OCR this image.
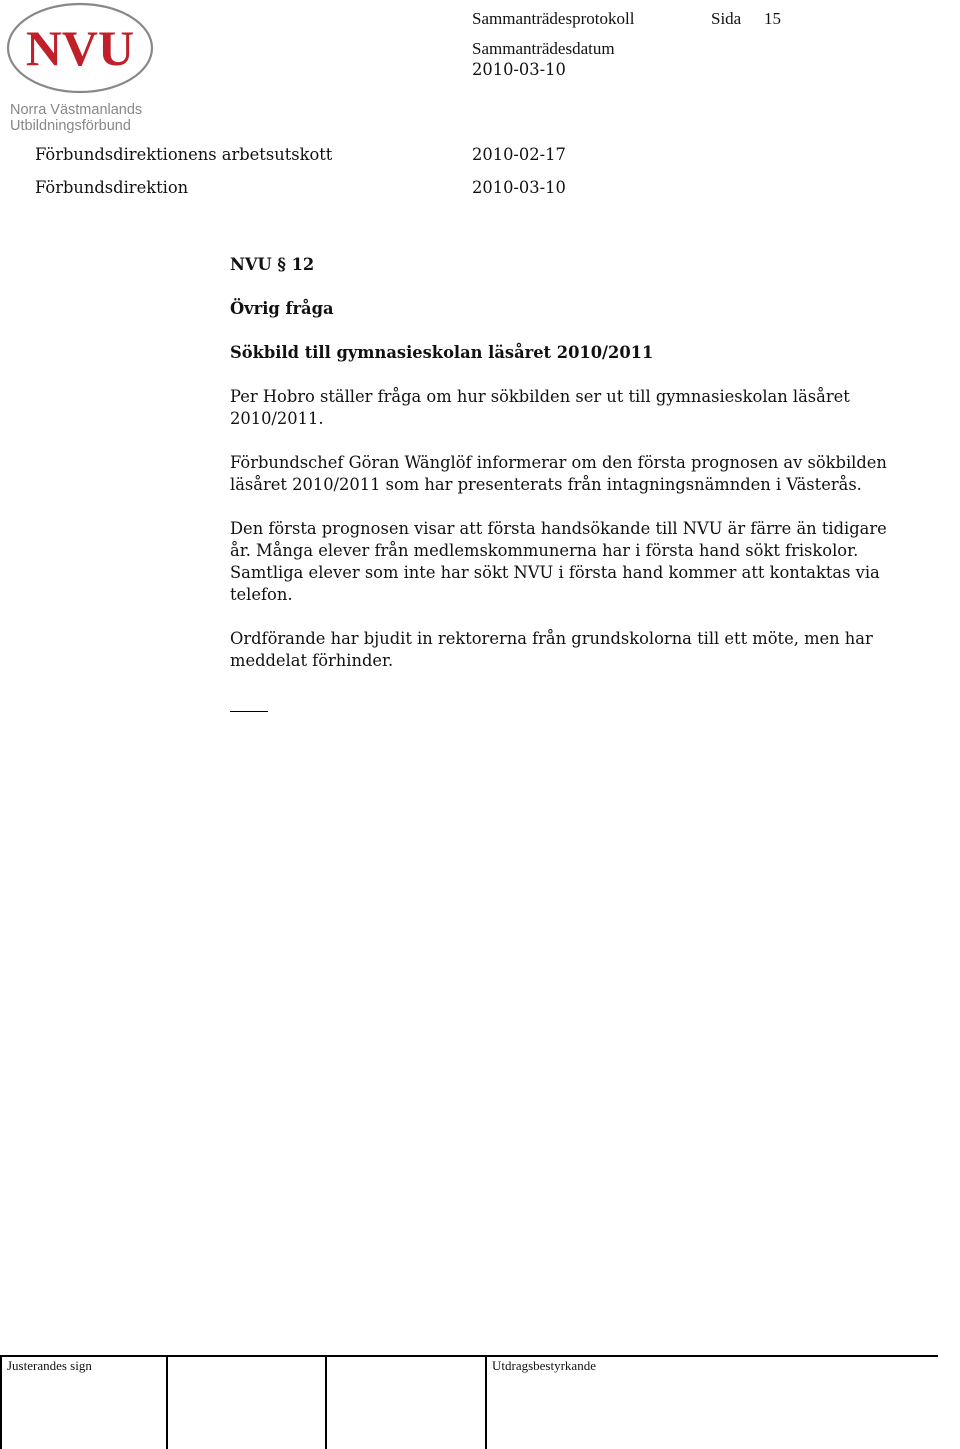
NVU
Norra Västmanlands
Utbildningsförbund
Sammanträdesprotokoll	Sida 15
Sammanträdesdatum
2010-03-10
Förbundsdirektionens arbetsutskott	2010-02-17
Förbundsdirektion	2010-03-10
NVU § 12
Övrig fråga
Sökbild till gymnasieskolan läsåret 2010/2011
Per Hobro ställer fråga om hur sökbilden ser ut till gymnasieskolan läsåret
2010/2011.
Förbundschef Göran Wänglöf informerar om den första prognosen av sökbilden
läsåret 2010/2011 som har presenterats från intagningsnämnden i Västerås.
Den första prognosen visar att första handsökande till NVU är färre än tidigare
år. Många elever från medlemskommunerna har i första hand sökt friskolor.
Samtliga elever som inte har sökt NVU i första hand kommer att kontaktas via
telefon.
Ordförande har bjudit in rektorerna från grundskolorna till ett möte, men har
meddelat förhinder.
Justerandes sign	Utdragsbestyrkande
